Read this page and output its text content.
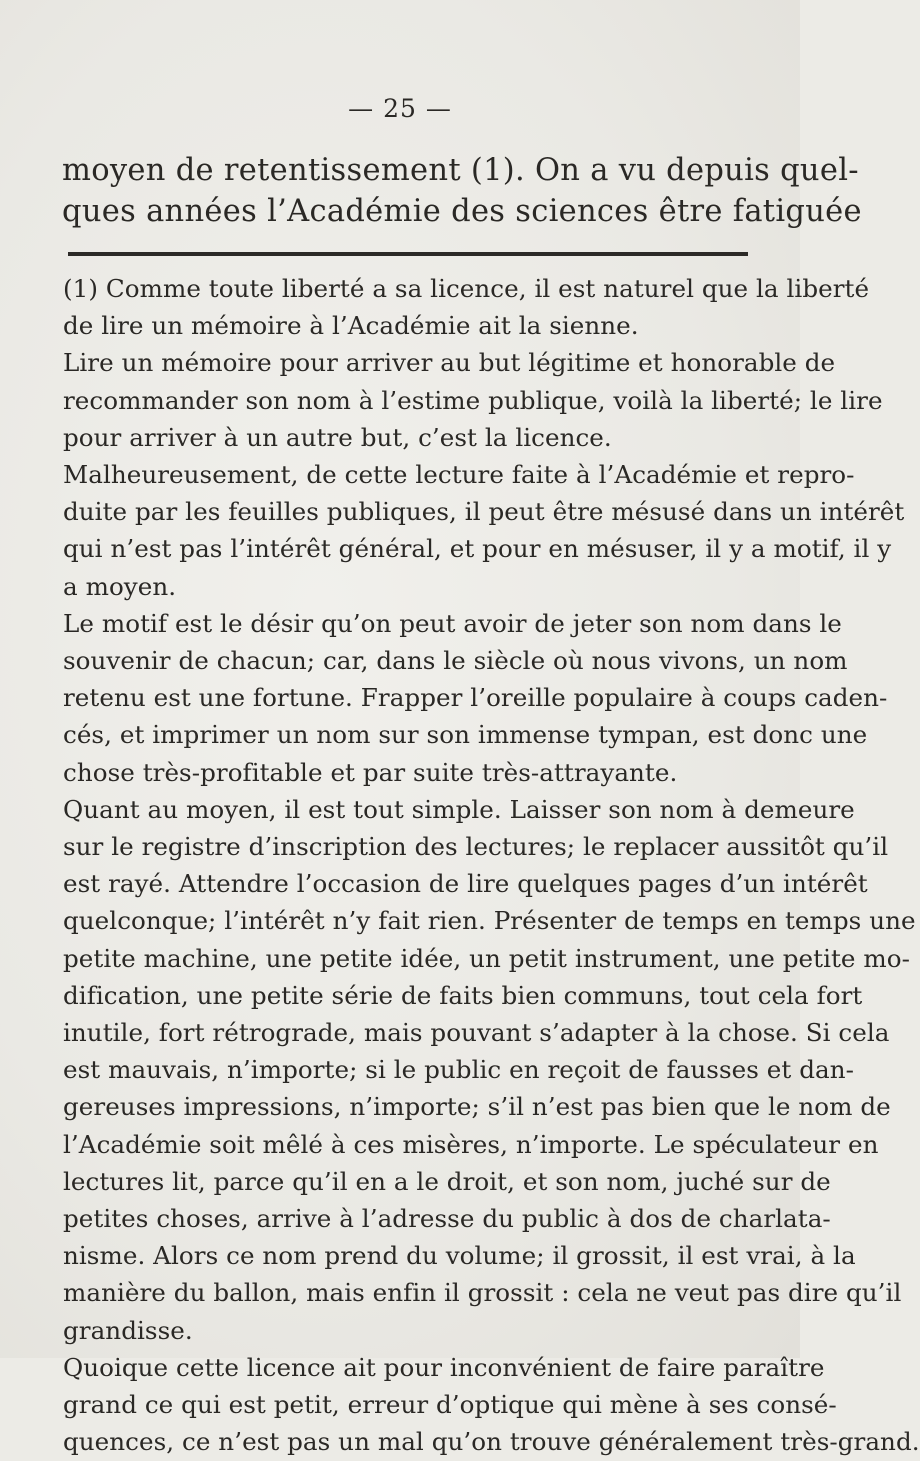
— 25 —
moyen de retentissement (1). On a vu depuis quel-
ques années l’Académie des sciences être fatiguée
(1) Comme toute liberté a sa licence, il est naturel que la liberté
de lire un mémoire à l’Académie ait la sienne.
Lire un mémoire pour arriver au but légitime et honorable de
recommander son nom à l’estime publique, voilà la liberté; le lire
pour arriver à un autre but, c’est la licence.
Malheureusement, de cette lecture faite à l’Académie et repro-
duite par les feuilles publiques, il peut être mésusé dans un intérêt
qui n’est pas l’intérêt général, et pour en mésuser, il y a motif, il y
a moyen.
Le motif est le désir qu’on peut avoir de jeter son nom dans le
souvenir de chacun; car, dans le siècle où nous vivons, un nom
retenu est une fortune. Frapper l’oreille populaire à coups caden-
cés, et imprimer un nom sur son immense tympan, est donc une
chose très-profitable et par suite très-attrayante.
Quant au moyen, il est tout simple. Laisser son nom à demeure
sur le registre d’inscription des lectures; le replacer aussitôt qu’il
est rayé. Attendre l’occasion de lire quelques pages d’un intérêt
quelconque; l’intérêt n’y fait rien. Présenter de temps en temps une
petite machine, une petite idée, un petit instrument, une petite mo-
dification, une petite série de faits bien communs, tout cela fort
inutile, fort rétrograde, mais pouvant s’adapter à la chose. Si cela
est mauvais, n’importe; si le public en reçoit de fausses et dan-
gereuses impressions, n’importe; s’il n’est pas bien que le nom de
l’Académie soit mêlé à ces misères, n’importe. Le spéculateur en
lectures lit, parce qu’il en a le droit, et son nom, juché sur de
petites choses, arrive à l’adresse du public à dos de charlata-
nisme. Alors ce nom prend du volume; il grossit, il est vrai, à la
manière du ballon, mais enfin il grossit : cela ne veut pas dire qu’il
grandisse.
Quoique cette licence ait pour inconvénient de faire paraître
grand ce qui est petit, erreur d’optique qui mène à ses consé-
quences, ce n’est pas un mal qu’on trouve généralement très-grand.
